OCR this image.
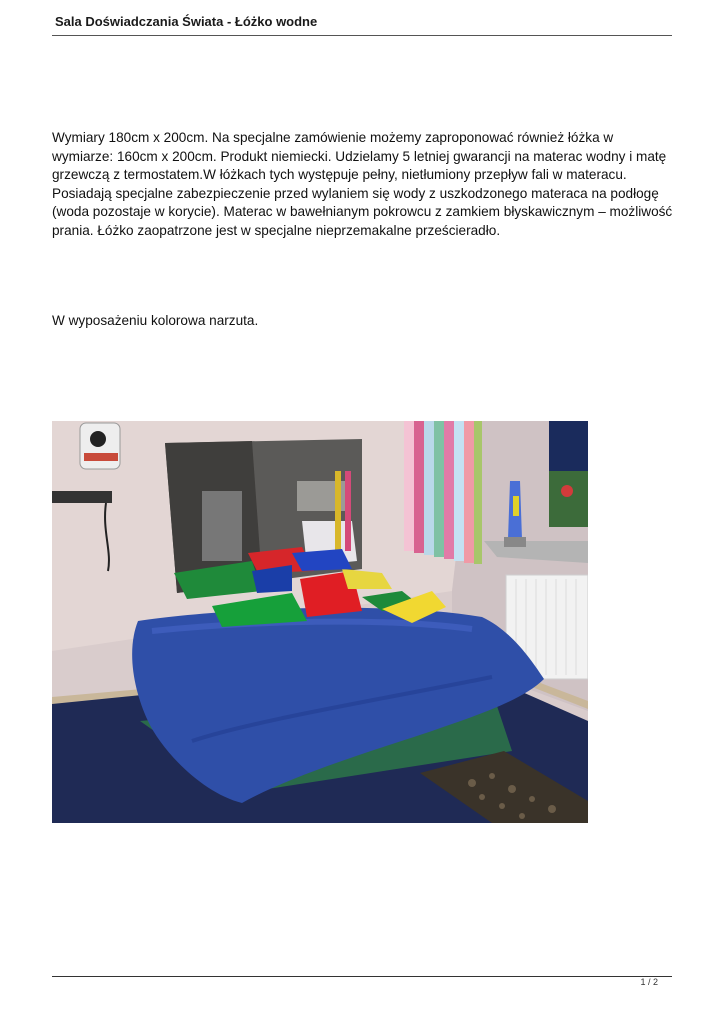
Sala Doświadczania Świata - Łóżko wodne

Wymiary 180cm x 200cm. Na specjalne zamówienie możemy zaproponować również łóżka w wymiarze: 160cm x 200cm. Produkt niemiecki. Udzielamy 5 letniej gwarancji na materac wodny i matę grzewczą z termostatem.W łóżkach tych występuje pełny, nietłumiony przepływ fali w materacu. Posiadają specjalne zabezpieczenie przed wylaniem się wody z uszkodzonego materaca na podłogę (woda pozostaje w korycie). Materac w bawełnianym pokrowcu z zamkiem błyskawicznym – możliwość prania. Łóżko zaopatrzone jest w specjalne nieprzemakalne prześcieradło.

W wyposażeniu kolorowa narzuta.

1 / 2
